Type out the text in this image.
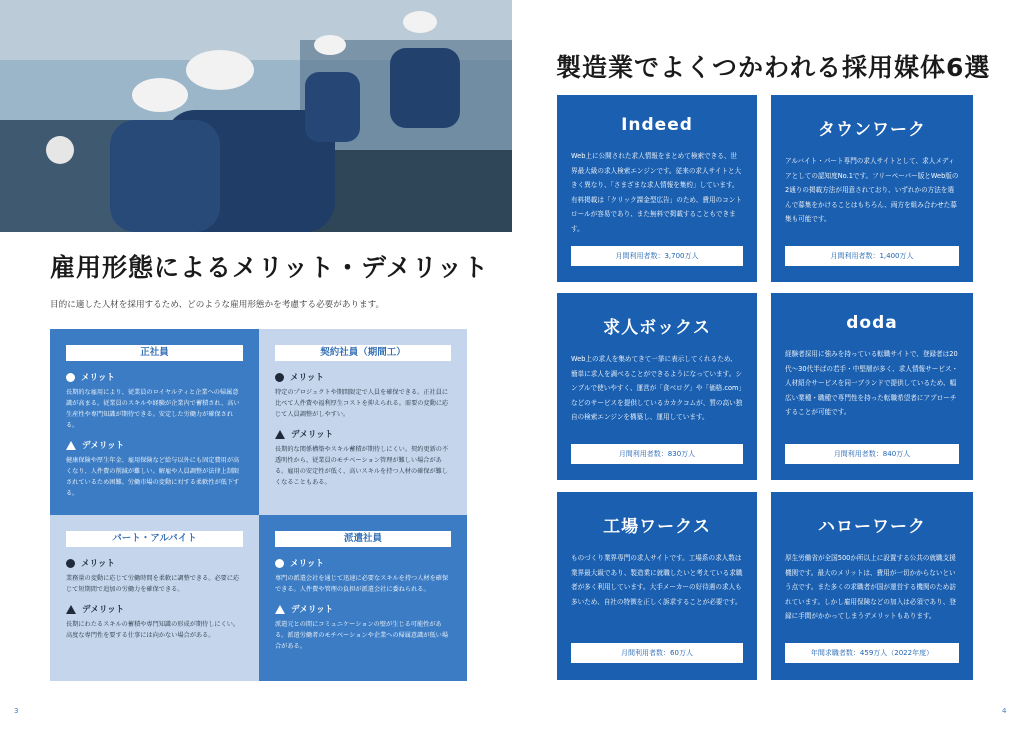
雇用形態によるメリット・デメリット
目的に適した人材を採用するため、どのような雇用形態かを考慮する必要があります。
正社員
メリット
長期的な雇用により、従業員のロイヤルティと企業への帰属意識が高まる。従業員のスキルや経験が企業内で蓄積され、高い生産性や専門知識が期待できる。安定した労働力が確保される。
デメリット
健康保険や厚生年金、雇用保険など給与以外にも固定費用が高くなり、人件費の削減が難しい。解雇や人員調整が法律上制限されているため困難。労働市場の変動に対する柔軟性が低下する。
契約社員（期間工）
メリット
特定のプロジェクトや期間限定で人員を確保できる。正社員に比べて人件費や福利厚生コストを抑えられる。需要の変動に応じて人員調整がしやすい。
デメリット
長期的な関係構築やスキル蓄積が期待しにくい。契約更新の不透明性から、従業員のモチベーション管理が難しい場合がある。雇用の安定性が低く、高いスキルを持つ人材の確保が難しくなることもある。
パート・アルバイト
メリット
業務量の変動に応じて労働時間を柔軟に調整できる。必要に応じて短期間で追加の労働力を確保できる。
デメリット
長期にわたるスキルの蓄積や専門知識の形成が期待しにくい。高度な専門性を要する仕事には向かない場合がある。
派遣社員
メリット
専門の派遣会社を通じて迅速に必要なスキルを持つ人材を確保できる。人件費や管理の負担が派遣会社に委ねられる。
デメリット
派遣元との間にコミュニケーションの壁が生じる可能性がある。派遣労働者のモチベーションや企業への帰属意識が低い場合がある。
3
製造業でよくつかわれる採用媒体6選
Indeed
Web上に公開された求人情報をまとめて検索できる、世界最大級の求人検索エンジンです。従来の求人サイトと大きく異なり、「さまざまな求人情報を集約」しています。有料掲載は「クリック課金型広告」のため、費用のコントロールが容易であり、また無料で掲載することもできます。
月間利用者数：3,700万人
タウンワーク
アルバイト・パート専門の求人サイトとして、求人メディアとしての認知度No.1です。フリーペーパー版とWeb版の2通りの掲載方法が用意されており、いずれかの方法を選んで募集をかけることはもちろん、両方を組み合わせた募集も可能です。
月間利用者数：1,400万人
求人ボックス
Web上の求人を集めてきて一挙に表示してくれるため、簡単に求人を調べることができるようになっています。シンプルで使いやすく、運営が「食べログ」や「価格.com」などのサービスを提供しているカカクコムが、質の高い独自の検索エンジンを構築し、運用しています。
月間利用者数：830万人
doda
経験者採用に強みを持っている転職サイトで、登録者は20代～30代半ばの若手・中堅層が多く、求人情報サービス・人材紹介サービスを同一ブランドで提供しているため、幅広い業種・職種で専門性を持った転職希望者にアプローチすることが可能です。
月間利用者数：840万人
工場ワークス
ものづくり業界専門の求人サイトです。工場系の求人数は業界最大級であり、製造業に就職したいと考えている求職者が多く利用しています。大手メーカーの好待遇の求人も多いため、自社の特徴を正しく訴求することが必要です。
月間利用者数：60万人
ハローワーク
厚生労働省が全国500か所以上に設置する公共の就職支援機関です。最大のメリットは、費用が一切かからないという点です。また多くの求職者が国が運営する機関のため訪れています。しかし雇用保険などの加入は必須であり、登録に手間がかかってしまうデメリットもあります。
年間求職者数：459万人（2022年度）
4
